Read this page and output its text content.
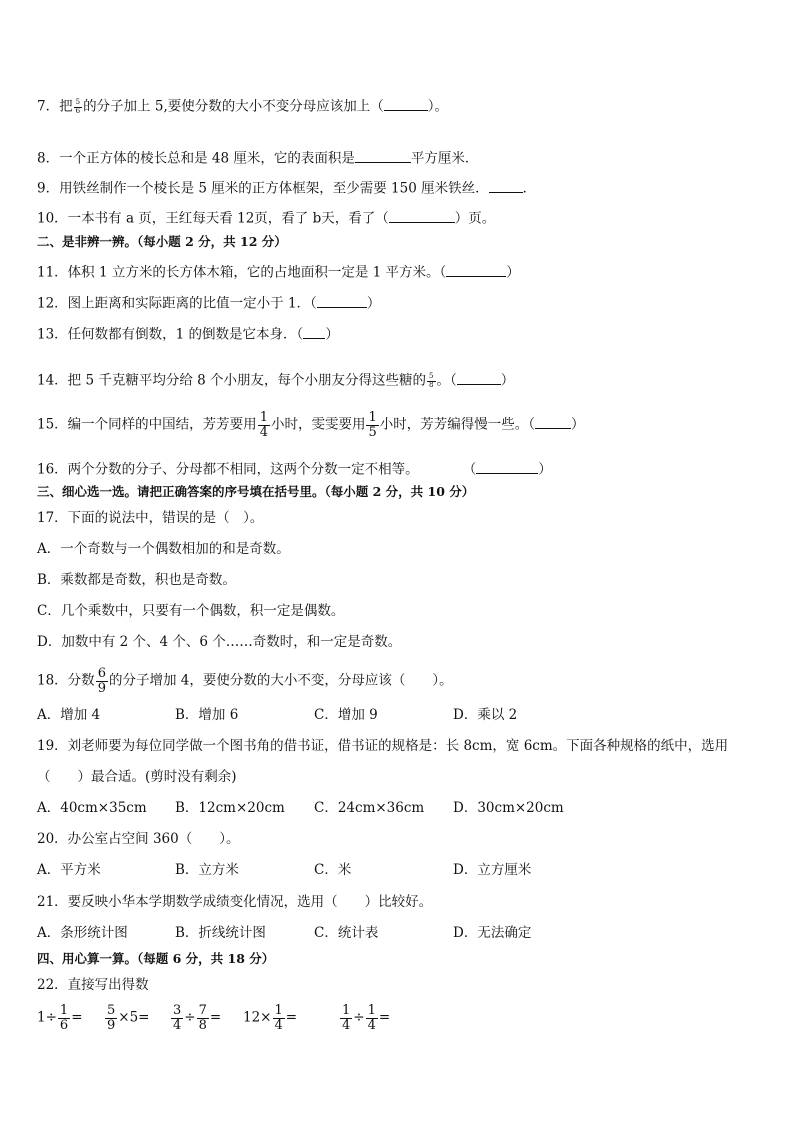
7．把 $\frac{5}{6}$ 的分子加上 5,要使分数的大小不变分母应该加上（	）。
8．一个正方体的棱长总和是 48 厘米，它的表面积是	平方厘米．
9．用铁丝制作一个棱长是 5 厘米的正方体框架，至少需要 150 厘米铁丝．	．
10．一本书有 a 页，王红每天看 12页，看了 b天，看了（	）页。
二、是非辨一辨。（每小题 2 分，共 12 分）
11．体积 1 立方米的长方体木箱，它的占地面积一定是 1 平方米。（	）
12．图上距离和实际距离的比值一定小于 1．（	）
13．任何数都有倒数，1 的倒数是它本身．（ ）
14．把 5 千克糖平均分给 8 个小朋友，每个小朋友分得这些糖的 $\frac{5}{8}$ 。（	）
15．编一个同样的中国结，芳芳要用 $\frac{1}{4}$ 小时，雯雯要用 $\frac{1}{5}$ 小时，芳芳编得慢一些。（	）
16．两个分数的分子、分母都不相同，这两个分数一定不相等。	（	）
三、细心选一选。请把正确答案的序号填在括号里。（每小题 2 分，共 10 分）
17．下面的说法中，错误的是（　）。
A．一个奇数与一个偶数相加的和是奇数。
B．乘数都是奇数，积也是奇数。
C．几个乘数中，只要有一个偶数，积一定是偶数。
D．加数中有 2 个、4 个、6 个……奇数时，和一定是奇数。
18．分数 $\frac{6}{9}$ 的分子增加 4，要使分数的大小不变，分母应该（　　）。
A．增加 4	B．增加 6	C．增加 9	D．乘以 2
19．刘老师要为每位同学做一个图书角的借书证，借书证的规格是：长 8cm，宽 6cm。下面各种规格的纸中，选用
（　　）最合适。(剪时没有剩余)
A．40cm×35cm B．12cm×20cm C．24cm×36cm D．30cm×20cm
20．办公室占空间 360（　　）。
A．平方米	B．立方米	C．米	D．立方厘米
21．要反映小华本学期数学成绩变化情况，选用（　　）比较好。
A．条形统计图	B．折线统计图	C．统计表	D．无法确定
四、用心算一算。（每题 6 分，共 18 分）
22．直接写出得数
$1\div \frac{1}{6} = \frac{5}{9} \times 5= \frac{3}{4} \div \frac{7}{8} = 12\times \frac{1}{4}$ =	$\frac{1}{4} \div \frac{1}{4}$ =
